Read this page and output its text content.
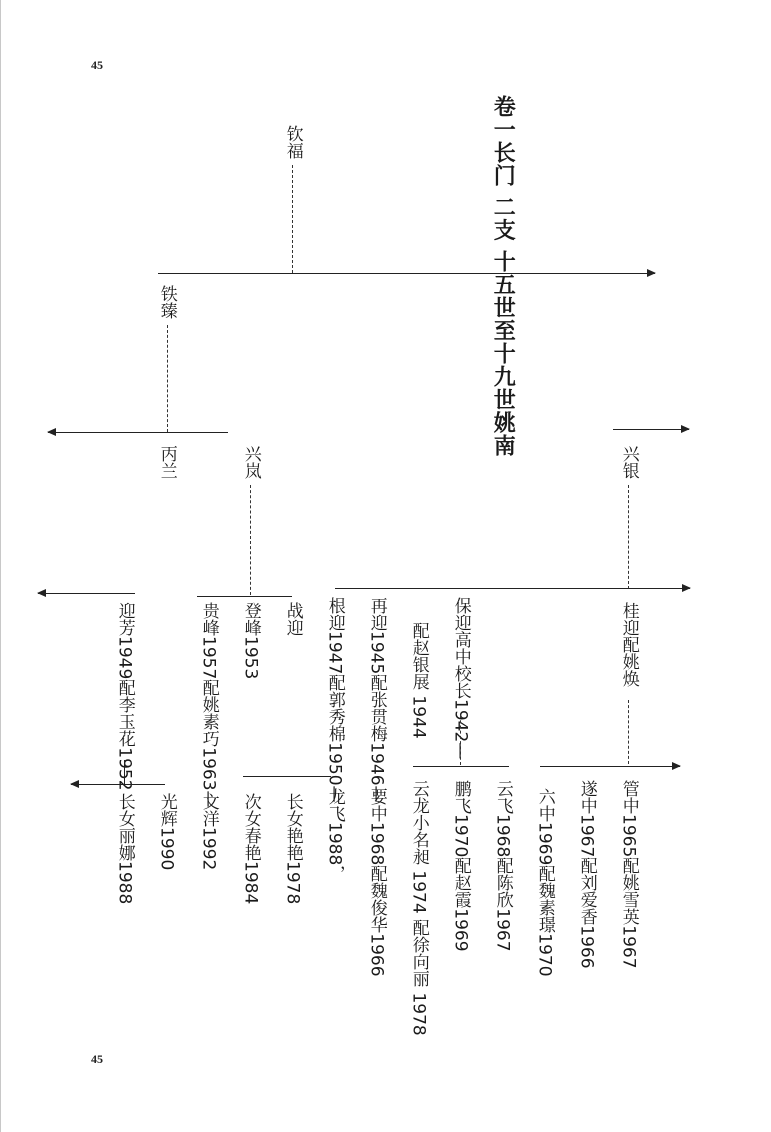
45
45
卷一长门 二支 十五世至十九世姚南
钦福
铁臻
丙兰	兴岚	兴银
迎芳1949配李玉花1952	贵峰1957配姚素巧1963— 登峰1953 战迎 根迎1947配郭秀棉1950— 再迎1945配张贯梅1946— 配赵银展 1944 保迎高中校长1942—	桂迎配姚焕
光辉1990
长女丽娜1988	文洋1992 次女春艳1984 长女艳艳1978 龙飞1988， 要中1968配魏俊华1966 云龙小名昶 1974 配徐向丽 1978 鹏飞1970配赵霞1969 云飞1968配陈欣1967 六中1969配魏素璟1970 遂中1967配刘爱香1966 管中1965配姚雪英1967
